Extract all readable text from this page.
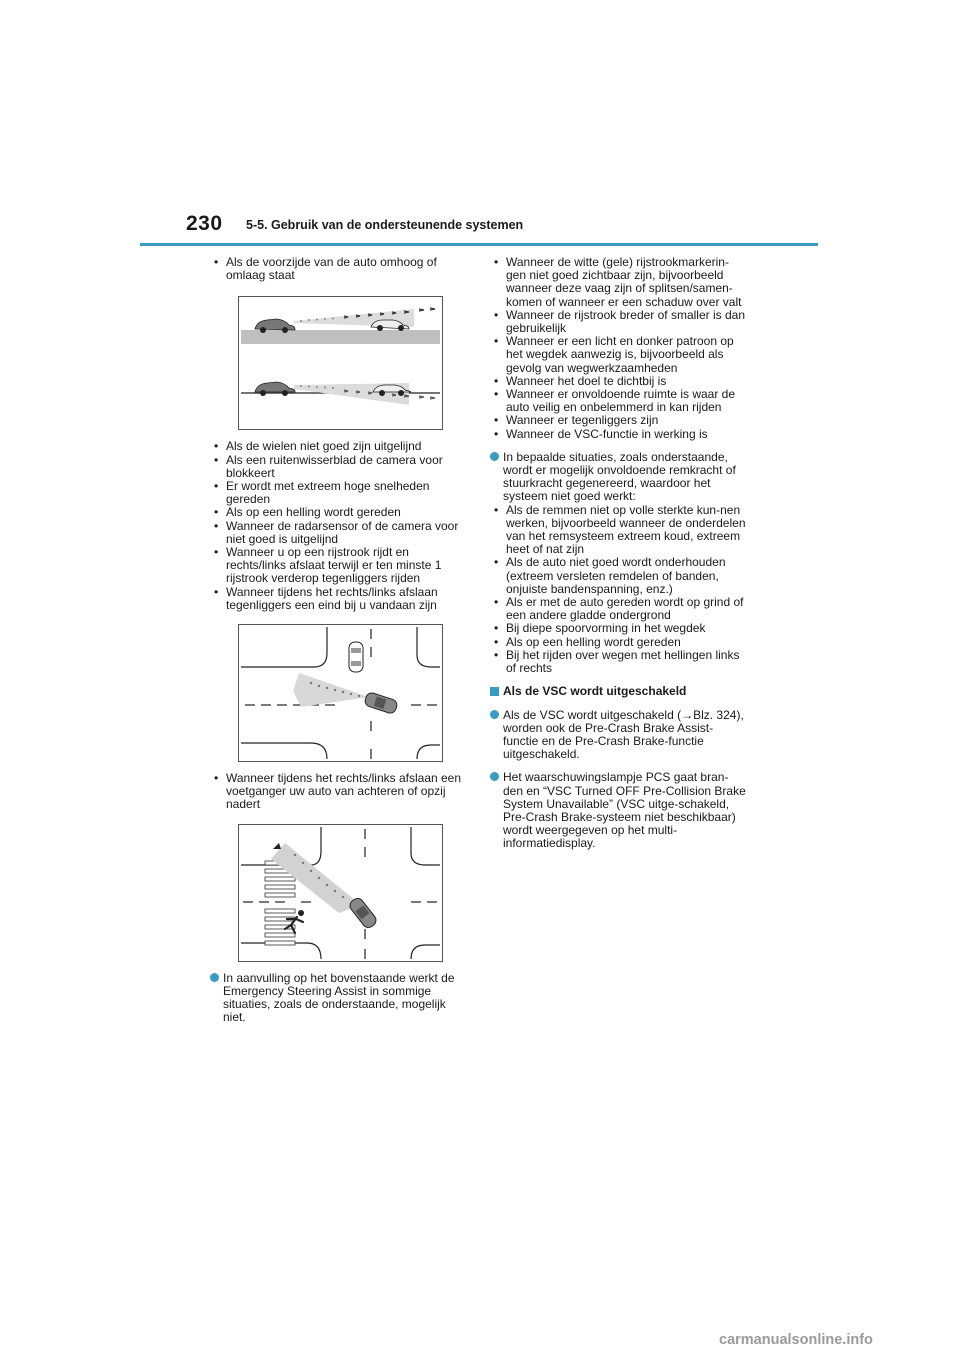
230 5-5. Gebruik van de ondersteunende systemen
• Als de voorzijde van de auto omhoog of omlaag staat
• Als de wielen niet goed zijn uitgelijnd
• Als een ruitenwisserblad de camera voor blokkeert
• Er wordt met extreem hoge snelheden gereden
• Als op een helling wordt gereden
• Wanneer de radarsensor of de camera voor niet goed is uitgelijnd
• Wanneer u op een rijstrook rijdt en rechts/links afslaat terwijl er ten minste 1 rijstrook verderop tegenliggers rijden
• Wanneer tijdens het rechts/links afslaan tegenliggers een eind bij u vandaan zijn
• Wanneer tijdens het rechts/links afslaan een voetganger uw auto van achteren of opzij nadert
In aanvulling op het bovenstaande werkt de Emergency Steering Assist in sommige situaties, zoals de onderstaande, mogelijk niet.
• Wanneer de witte (gele) rijstrookmarkerin-gen niet goed zichtbaar zijn, bijvoorbeeld wanneer deze vaag zijn of splitsen/samen-komen of wanneer er een schaduw over valt
• Wanneer de rijstrook breder of smaller is dan gebruikelijk
• Wanneer er een licht en donker patroon op het wegdek aanwezig is, bijvoorbeeld als gevolg van wegwerkzaamheden
• Wanneer het doel te dichtbij is
• Wanneer er onvoldoende ruimte is waar de auto veilig en onbelemmerd in kan rijden
• Wanneer er tegenliggers zijn
• Wanneer de VSC-functie in werking is
In bepaalde situaties, zoals onderstaande, wordt er mogelijk onvoldoende remkracht of stuurkracht gegenereerd, waardoor het systeem niet goed werkt:
• Als de remmen niet op volle sterkte kun-nen werken, bijvoorbeeld wanneer de onderdelen van het remsysteem extreem koud, extreem heet of nat zijn
• Als de auto niet goed wordt onderhouden (extreem versleten remdelen of banden, onjuiste bandenspanning, enz.)
• Als er met de auto gereden wordt op grind of een andere gladde ondergrond
• Bij diepe spoorvorming in het wegdek
• Als op een helling wordt gereden
• Bij het rijden over wegen met hellingen links of rechts
Als de VSC wordt uitgeschakeld
Als de VSC wordt uitgeschakeld (→Blz. 324), worden ook de Pre-Crash Brake Assist-functie en de Pre-Crash Brake-functie uitgeschakeld.
Het waarschuwingslampje PCS gaat bran-den en “VSC Turned OFF Pre-Collision Brake System Unavailable” (VSC uitge-schakeld, Pre-Crash Brake-systeem niet beschikbaar) wordt weergegeven op het multi-informatiedisplay.
carmanualsonline.info
